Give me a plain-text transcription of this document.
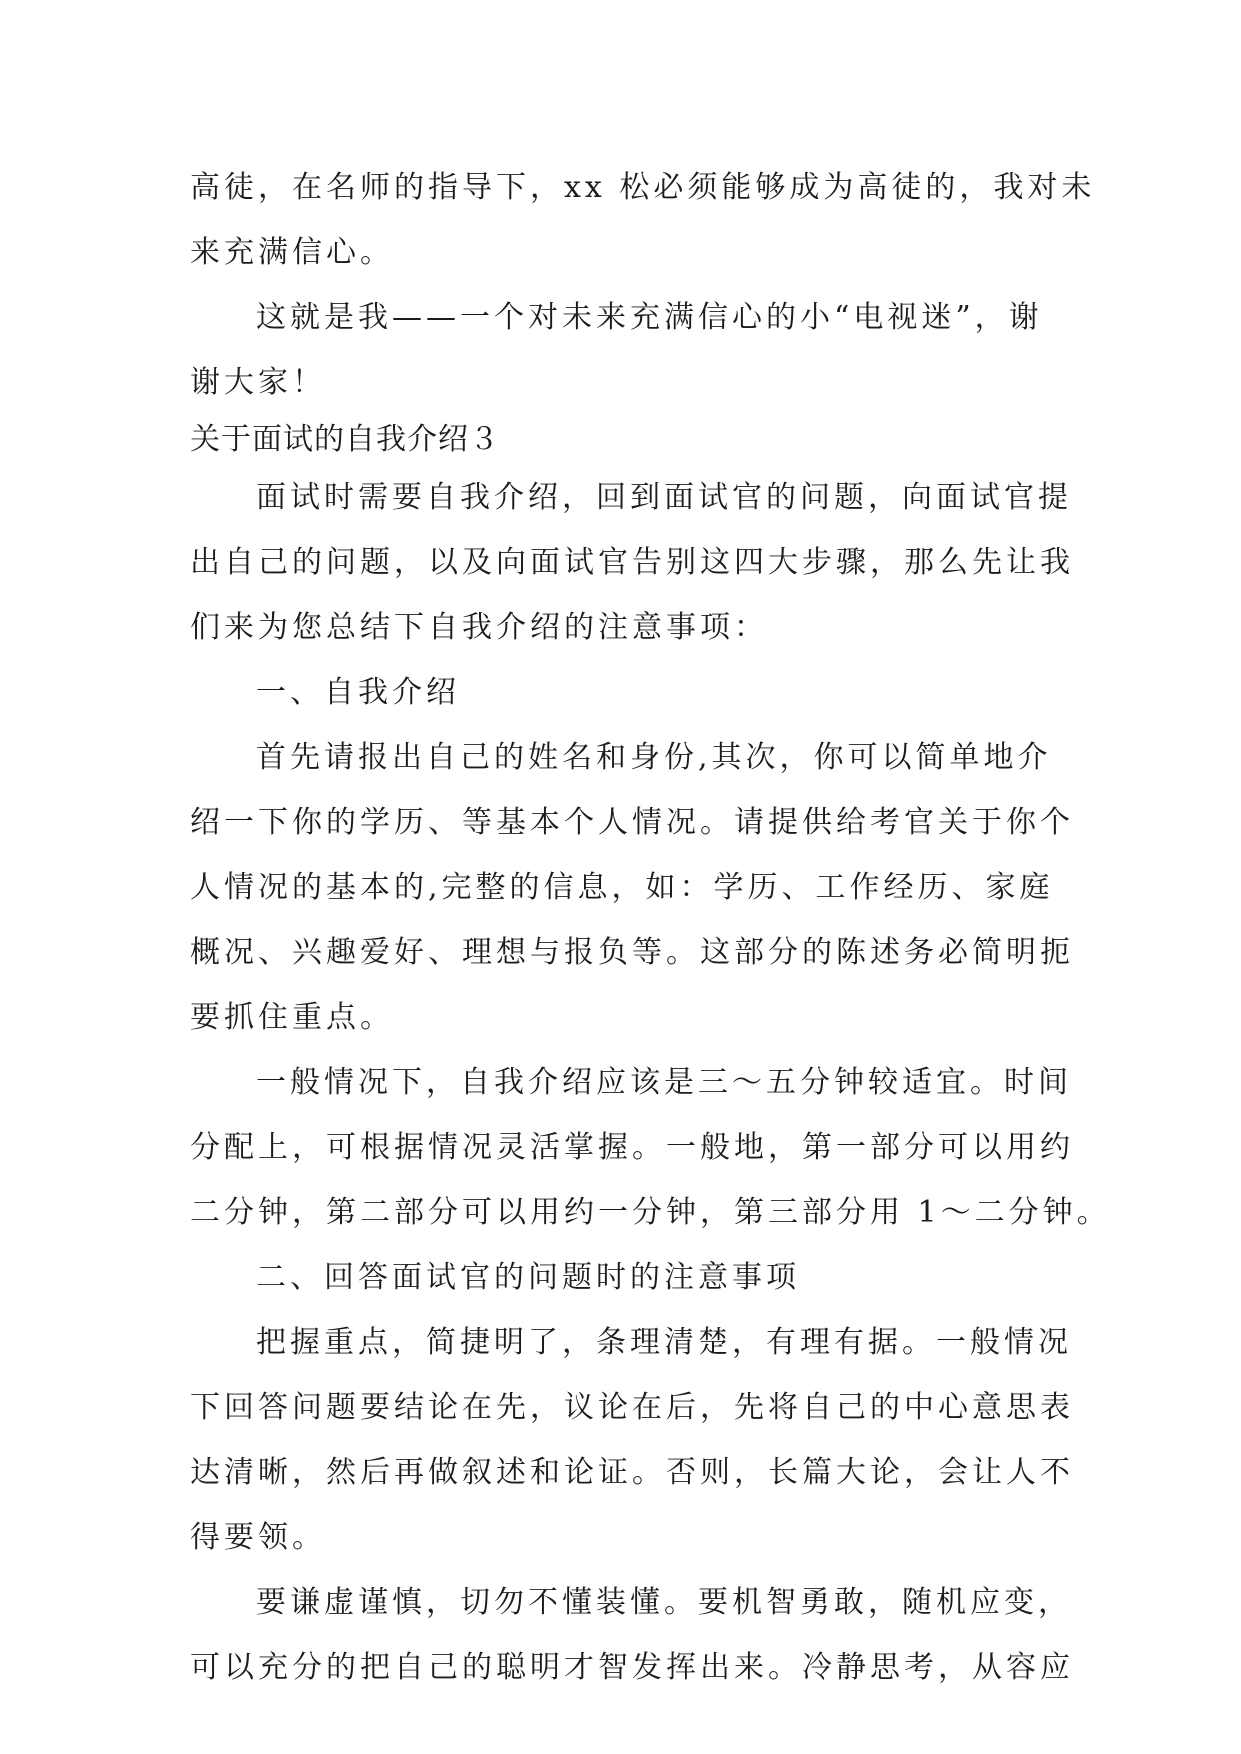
高徒，在名师的指导下，xx 松必须能够成为高徒的，我对未
来充满信心。
这就是我——一个对未来充满信心的小“电视迷”，谢
谢大家！
关于面试的自我介绍３
面试时需要自我介绍，回到面试官的问题，向面试官提
出自己的问题，以及向面试官告别这四大步骤，那么先让我
们来为您总结下自我介绍的注意事项：
一、自我介绍
首先请报出自己的姓名和身份,其次，你可以简单地介
绍一下你的学历、等基本个人情况。请提供给考官关于你个
人情况的基本的,完整的信息，如：学历、工作经历、家庭
概况、兴趣爱好、理想与报负等。这部分的陈述务必简明扼
要抓住重点。
一般情况下，自我介绍应该是三～五分钟较适宜。时间
分配上，可根据情况灵活掌握。一般地，第一部分可以用约
二分钟，第二部分可以用约一分钟，第三部分用 1～二分钟。
二、回答面试官的问题时的注意事项
把握重点，简捷明了，条理清楚，有理有据。一般情况
下回答问题要结论在先，议论在后，先将自己的中心意思表
达清晰，然后再做叙述和论证。否则，长篇大论，会让人不
得要领。
要谦虚谨慎，切勿不懂装懂。要机智勇敢，随机应变，
可以充分的把自己的聪明才智发挥出来。冷静思考，从容应
